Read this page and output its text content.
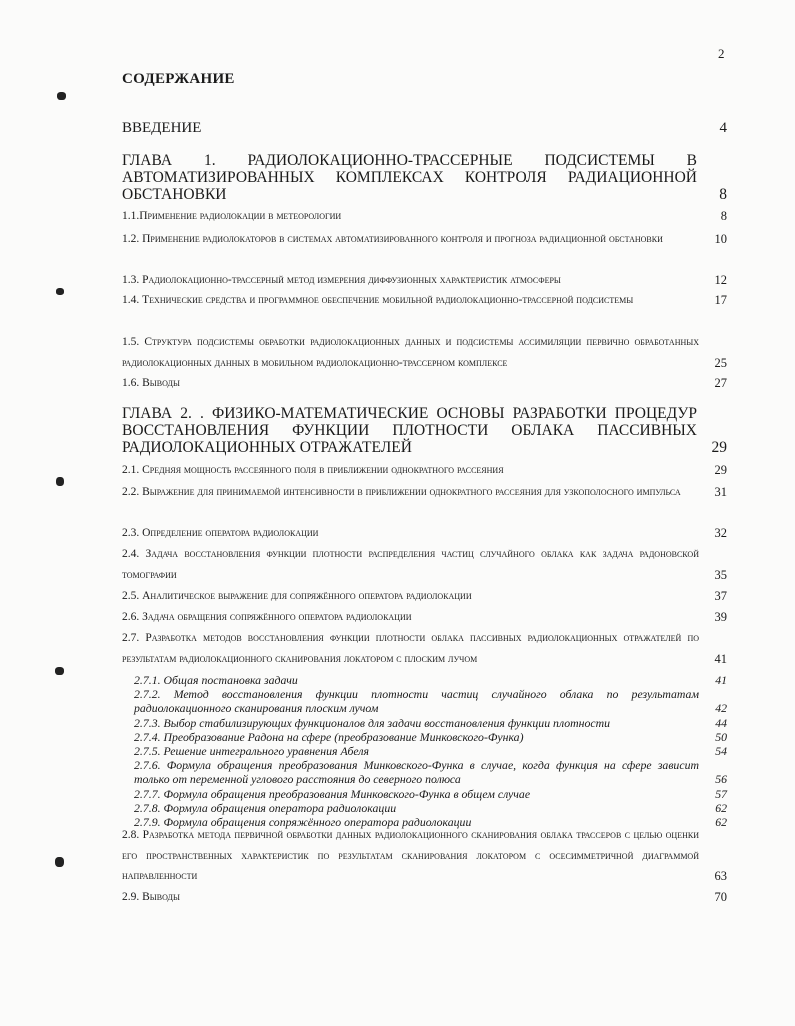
2
СОДЕРЖАНИЕ
ВВЕДЕНИЕ	4
ГЛАВА 1. РАДИОЛОКАЦИОННО-ТРАССЕРНЫЕ ПОДСИСТЕМЫ В АВТОМАТИЗИРОВАННЫХ КОМПЛЕКСАХ КОНТРОЛЯ РАДИАЦИОННОЙ ОБСТАНОВКИ	8
1.1.Применение радиолокации в метеорологии	8
1.2. Применение радиолокаторов в системах автоматизированного контроля и прогноза радиационной обстановки	10
1.3. Радиолокационно-трассерный метод измерения диффузионных характеристик атмосферы	12
1.4. Технические средства и программное обеспечение мобильной радиолокационно-трассерной подсистемы	17
1.5. Структура подсистемы обработки радиолокационных данных и подсистемы ассимиляции первично обработанных радиолокационных данных в мобильном радиолокационно-трассерном комплексе	25
1.6. Выводы	27
ГЛАВА 2. . ФИЗИКО-МАТЕМАТИЧЕСКИЕ ОСНОВЫ РАЗРАБОТКИ ПРОЦЕДУР ВОССТАНОВЛЕНИЯ ФУНКЦИИ ПЛОТНОСТИ ОБЛАКА ПАССИВНЫХ РАДИОЛОКАЦИОННЫХ ОТРАЖАТЕЛЕЙ	29
2.1. Средняя мощность рассеянного поля в приближении однократного рассеяния	29
2.2. Выражение для принимаемой интенсивности в приближении однократного рассеяния для узкополосного импульса	31
2.3. Определение оператора радиолокации	32
2.4. Задача восстановления функции плотности распределения частиц случайного облака как задача радоновской томографии	35
2.5. Аналитическое выражение для сопряжённого оператора радиолокации	37
2.6. Задача обращения сопряжённого оператора радиолокации	39
2.7. Разработка методов восстановления функции плотности облака пассивных радиолокационных отражателей по результатам радиолокационного сканирования локатором с плоским лучом	41
2.7.1. Общая постановка задачи	41
2.7.2. Метод восстановления функции плотности частиц случайного облака по результатам радиолокационного сканирования плоским лучом	42
2.7.3. Выбор стабилизирующих функционалов для задачи восстановления функции плотности	44
2.7.4. Преобразование Радона на сфере (преобразование Минковского-Функа)	50
2.7.5. Решение интегрального уравнения Абеля	54
2.7.6. Формула обращения преобразования Минковского-Функа в случае, когда функция на сфере зависит только от переменной углового расстояния до северного полюса	56
2.7.7. Формула обращения преобразования Минковского-Функа в общем случае	57
2.7.8. Формула обращения оператора радиолокации	62
2.7.9. Формула обращения сопряжённого оператора радиолокации	62
2.8. Разработка метода первичной обработки данных радиолокационного сканирования облака трассеров с целью оценки его пространственных характеристик по результатам сканирования локатором с осесимметричной диаграммой направленности	63
2.9. Выводы	70
